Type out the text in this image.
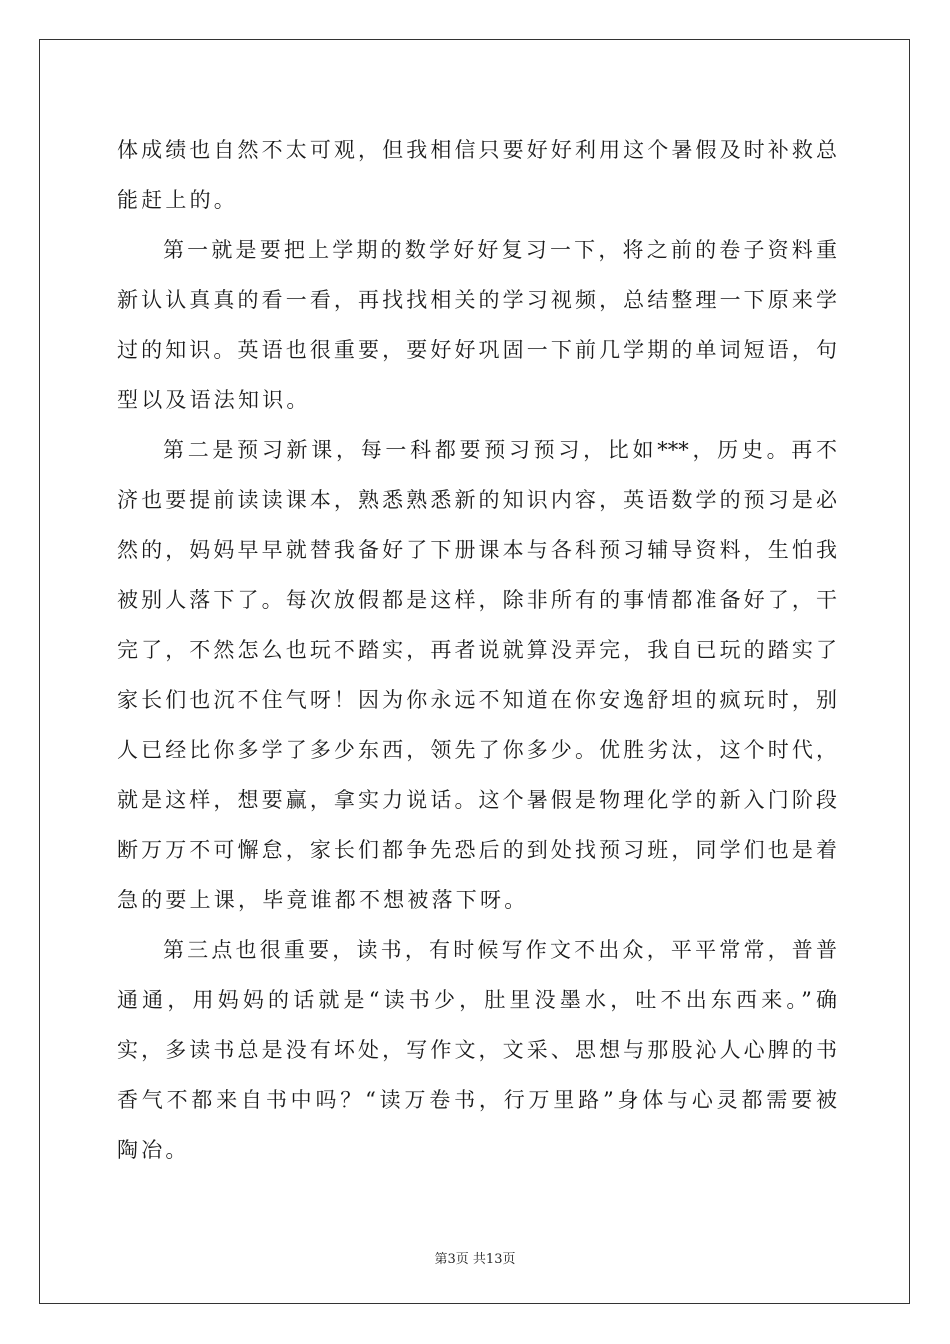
体成绩也自然不太可观，但我相信只要好好利用这个暑假及时补救总
能赶上的。
第一就是要把上学期的数学好好复习一下，将之前的卷子资料重
新认认真真的看一看，再找找相关的学习视频，总结整理一下原来学
过的知识。英语也很重要，要好好巩固一下前几学期的单词短语，句
型以及语法知识。
第二是预习新课，每一科都要预习预习，比如***，历史。再不
济也要提前读读课本，熟悉熟悉新的知识内容，英语数学的预习是必
然的，妈妈早早就替我备好了下册课本与各科预习辅导资料，生怕我
被别人落下了。每次放假都是这样，除非所有的事情都准备好了，干
完了，不然怎么也玩不踏实，再者说就算没弄完，我自已玩的踏实了
家长们也沉不住气呀！因为你永远不知道在你安逸舒坦的疯玩时，别
人已经比你多学了多少东西，领先了你多少。优胜劣汰，这个时代，
就是这样，想要赢，拿实力说话。这个暑假是物理化学的新入门阶段
断万万不可懈怠，家长们都争先恐后的到处找预习班，同学们也是着
急的要上课，毕竟谁都不想被落下呀。
第三点也很重要，读书，有时候写作文不出众，平平常常，普普
通通，用妈妈的话就是“读书少，肚里没墨水，吐不出东西来。”确
实，多读书总是没有坏处，写作文，文采、思想与那股沁人心脾的书
香气不都来自书中吗？“读万卷书，行万里路”身体与心灵都需要被
陶冶。
第3页 共13页
